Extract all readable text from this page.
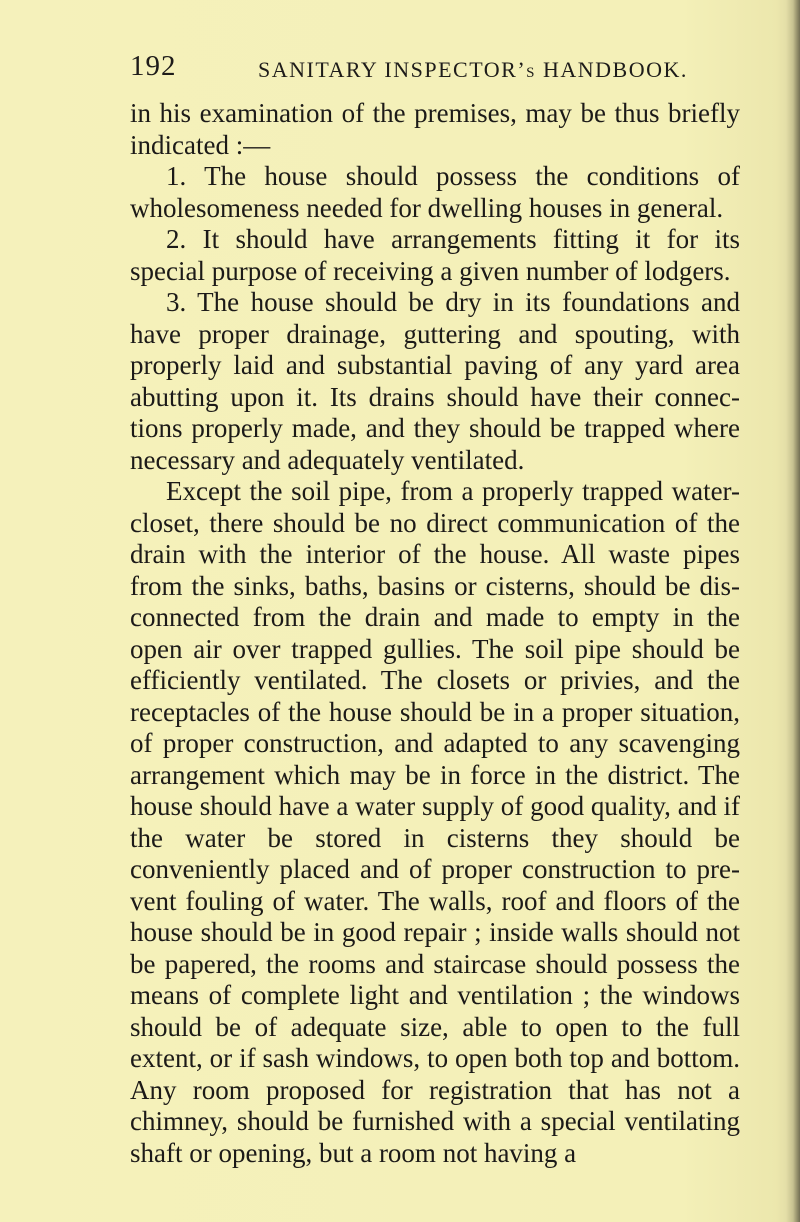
192	SANITARY INSPECTOR’s HANDBOOK.

in his examination of the premises, may be thus briefly indicated :—

1. The house should possess the conditions of wholesomeness needed for dwelling houses in general.

2. It should have arrangements fitting it for its special purpose of receiving a given number of lodgers.

3. The house should be dry in its foundations and have proper drainage, guttering and spouting, with properly laid and substantial paving of any yard area abutting upon it. Its drains should have their connections properly made, and they should be trapped where necessary and adequately ventilated.

Except the soil pipe, from a properly trapped water-closet, there should be no direct communication of the drain with the interior of the house. All waste pipes from the sinks, baths, basins or cisterns, should be disconnected from the drain and made to empty in the open air over trapped gullies. The soil pipe should be efficiently ventilated. The closets or privies, and the receptacles of the house should be in a proper situation, of proper construction, and adapted to any scavenging arrangement which may be in force in the district. The house should have a water supply of good quality, and if the water be stored in cisterns they should be conveniently placed and of proper construction to prevent fouling of water. The walls, roof and floors of the house should be in good repair ; inside walls should not be papered, the rooms and staircase should possess the means of complete light and ventilation ; the windows should be of adequate size, able to open to the full extent, or if sash windows, to open both top and bottom. Any room proposed for registration that has not a chimney, should be furnished with a special ventilating shaft or opening, but a room not having a
